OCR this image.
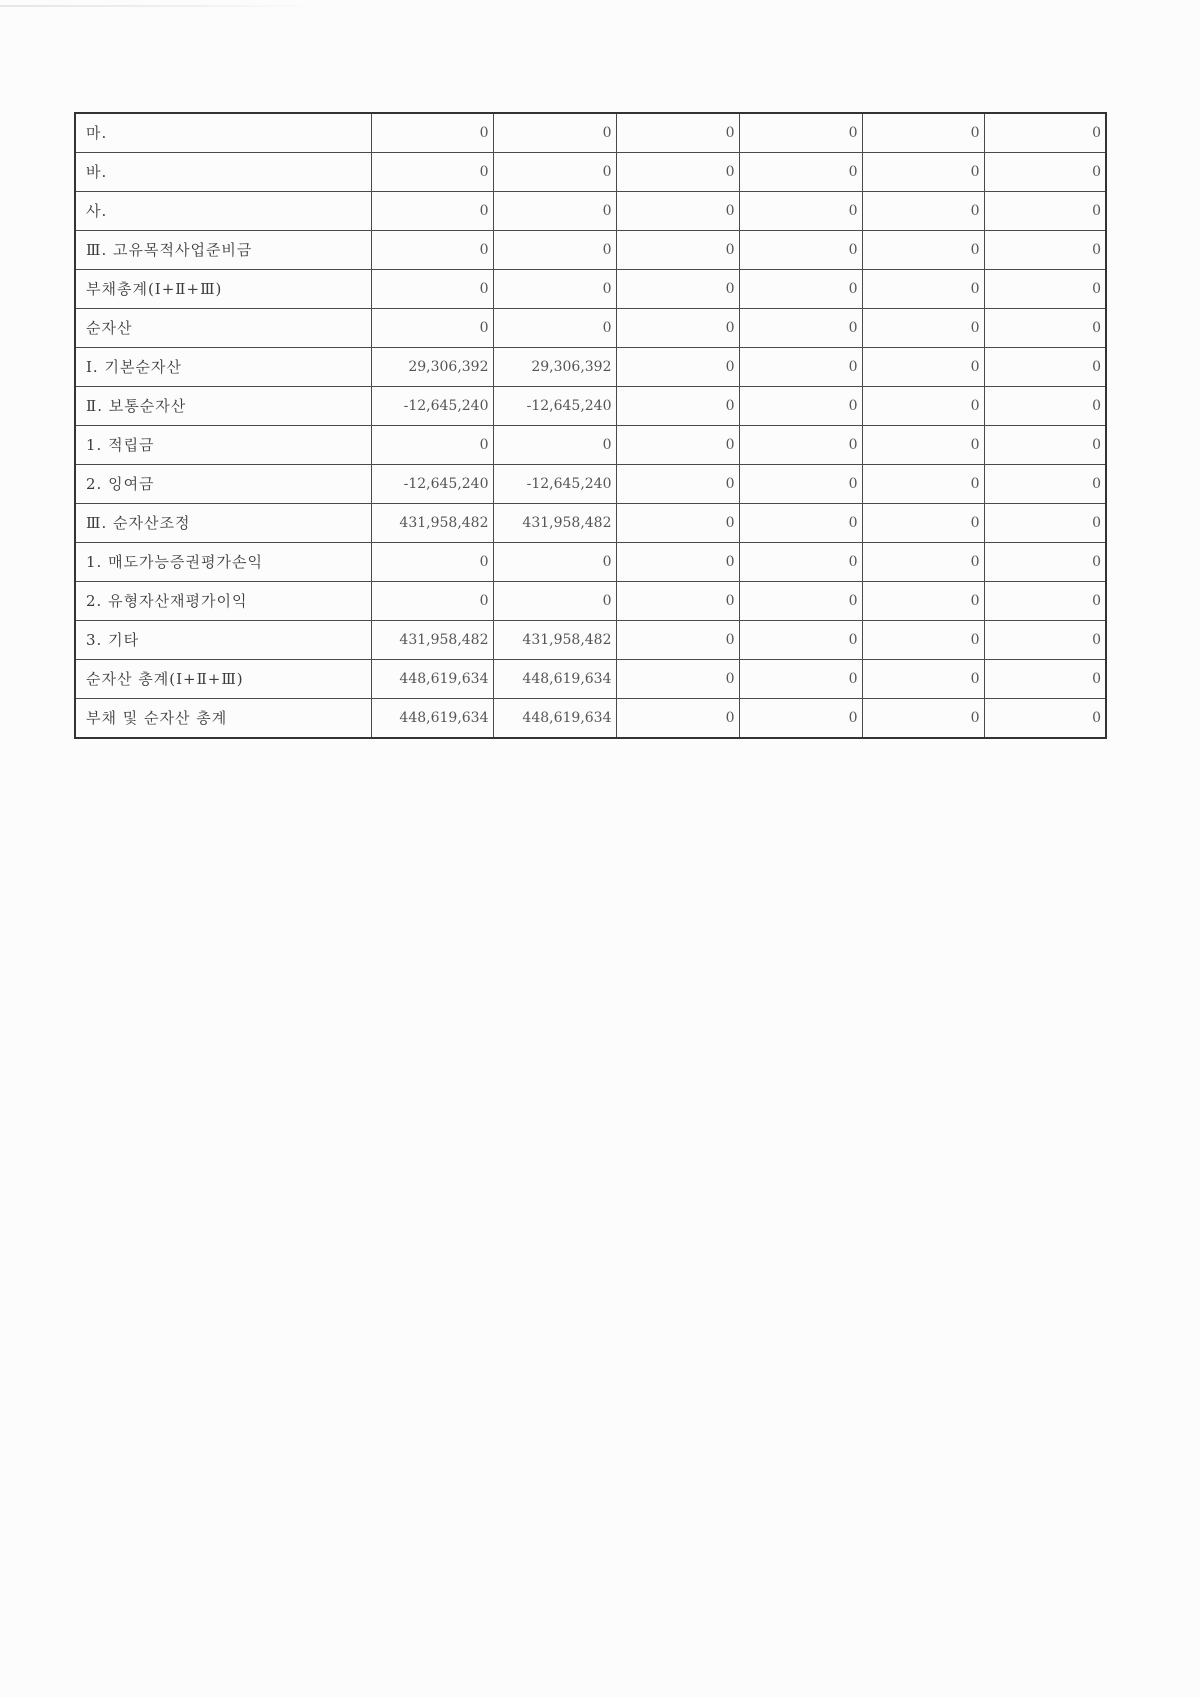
마.	0	0	0	0	0	0
바.	0	0	0	0	0	0
사.	0	0	0	0	0	0
Ⅲ. 고유목적사업준비금	0	0	0	0	0	0
부채총계(Ⅰ+Ⅱ+Ⅲ)	0	0	0	0	0	0
순자산	0	0	0	0	0	0
Ⅰ. 기본순자산	29,306,392	29,306,392	0	0	0	0
Ⅱ. 보통순자산	-12,645,240	-12,645,240	0	0	0	0
1. 적립금	0	0	0	0	0	0
2. 잉여금	-12,645,240	-12,645,240	0	0	0	0
Ⅲ. 순자산조정	431,958,482	431,958,482	0	0	0	0
1. 매도가능증권평가손익	0	0	0	0	0	0
2. 유형자산재평가이익	0	0	0	0	0	0
3. 기타	431,958,482	431,958,482	0	0	0	0
순자산 총계(Ⅰ+Ⅱ+Ⅲ)	448,619,634	448,619,634	0	0	0	0
부채 및 순자산 총계	448,619,634	448,619,634	0	0	0	0
